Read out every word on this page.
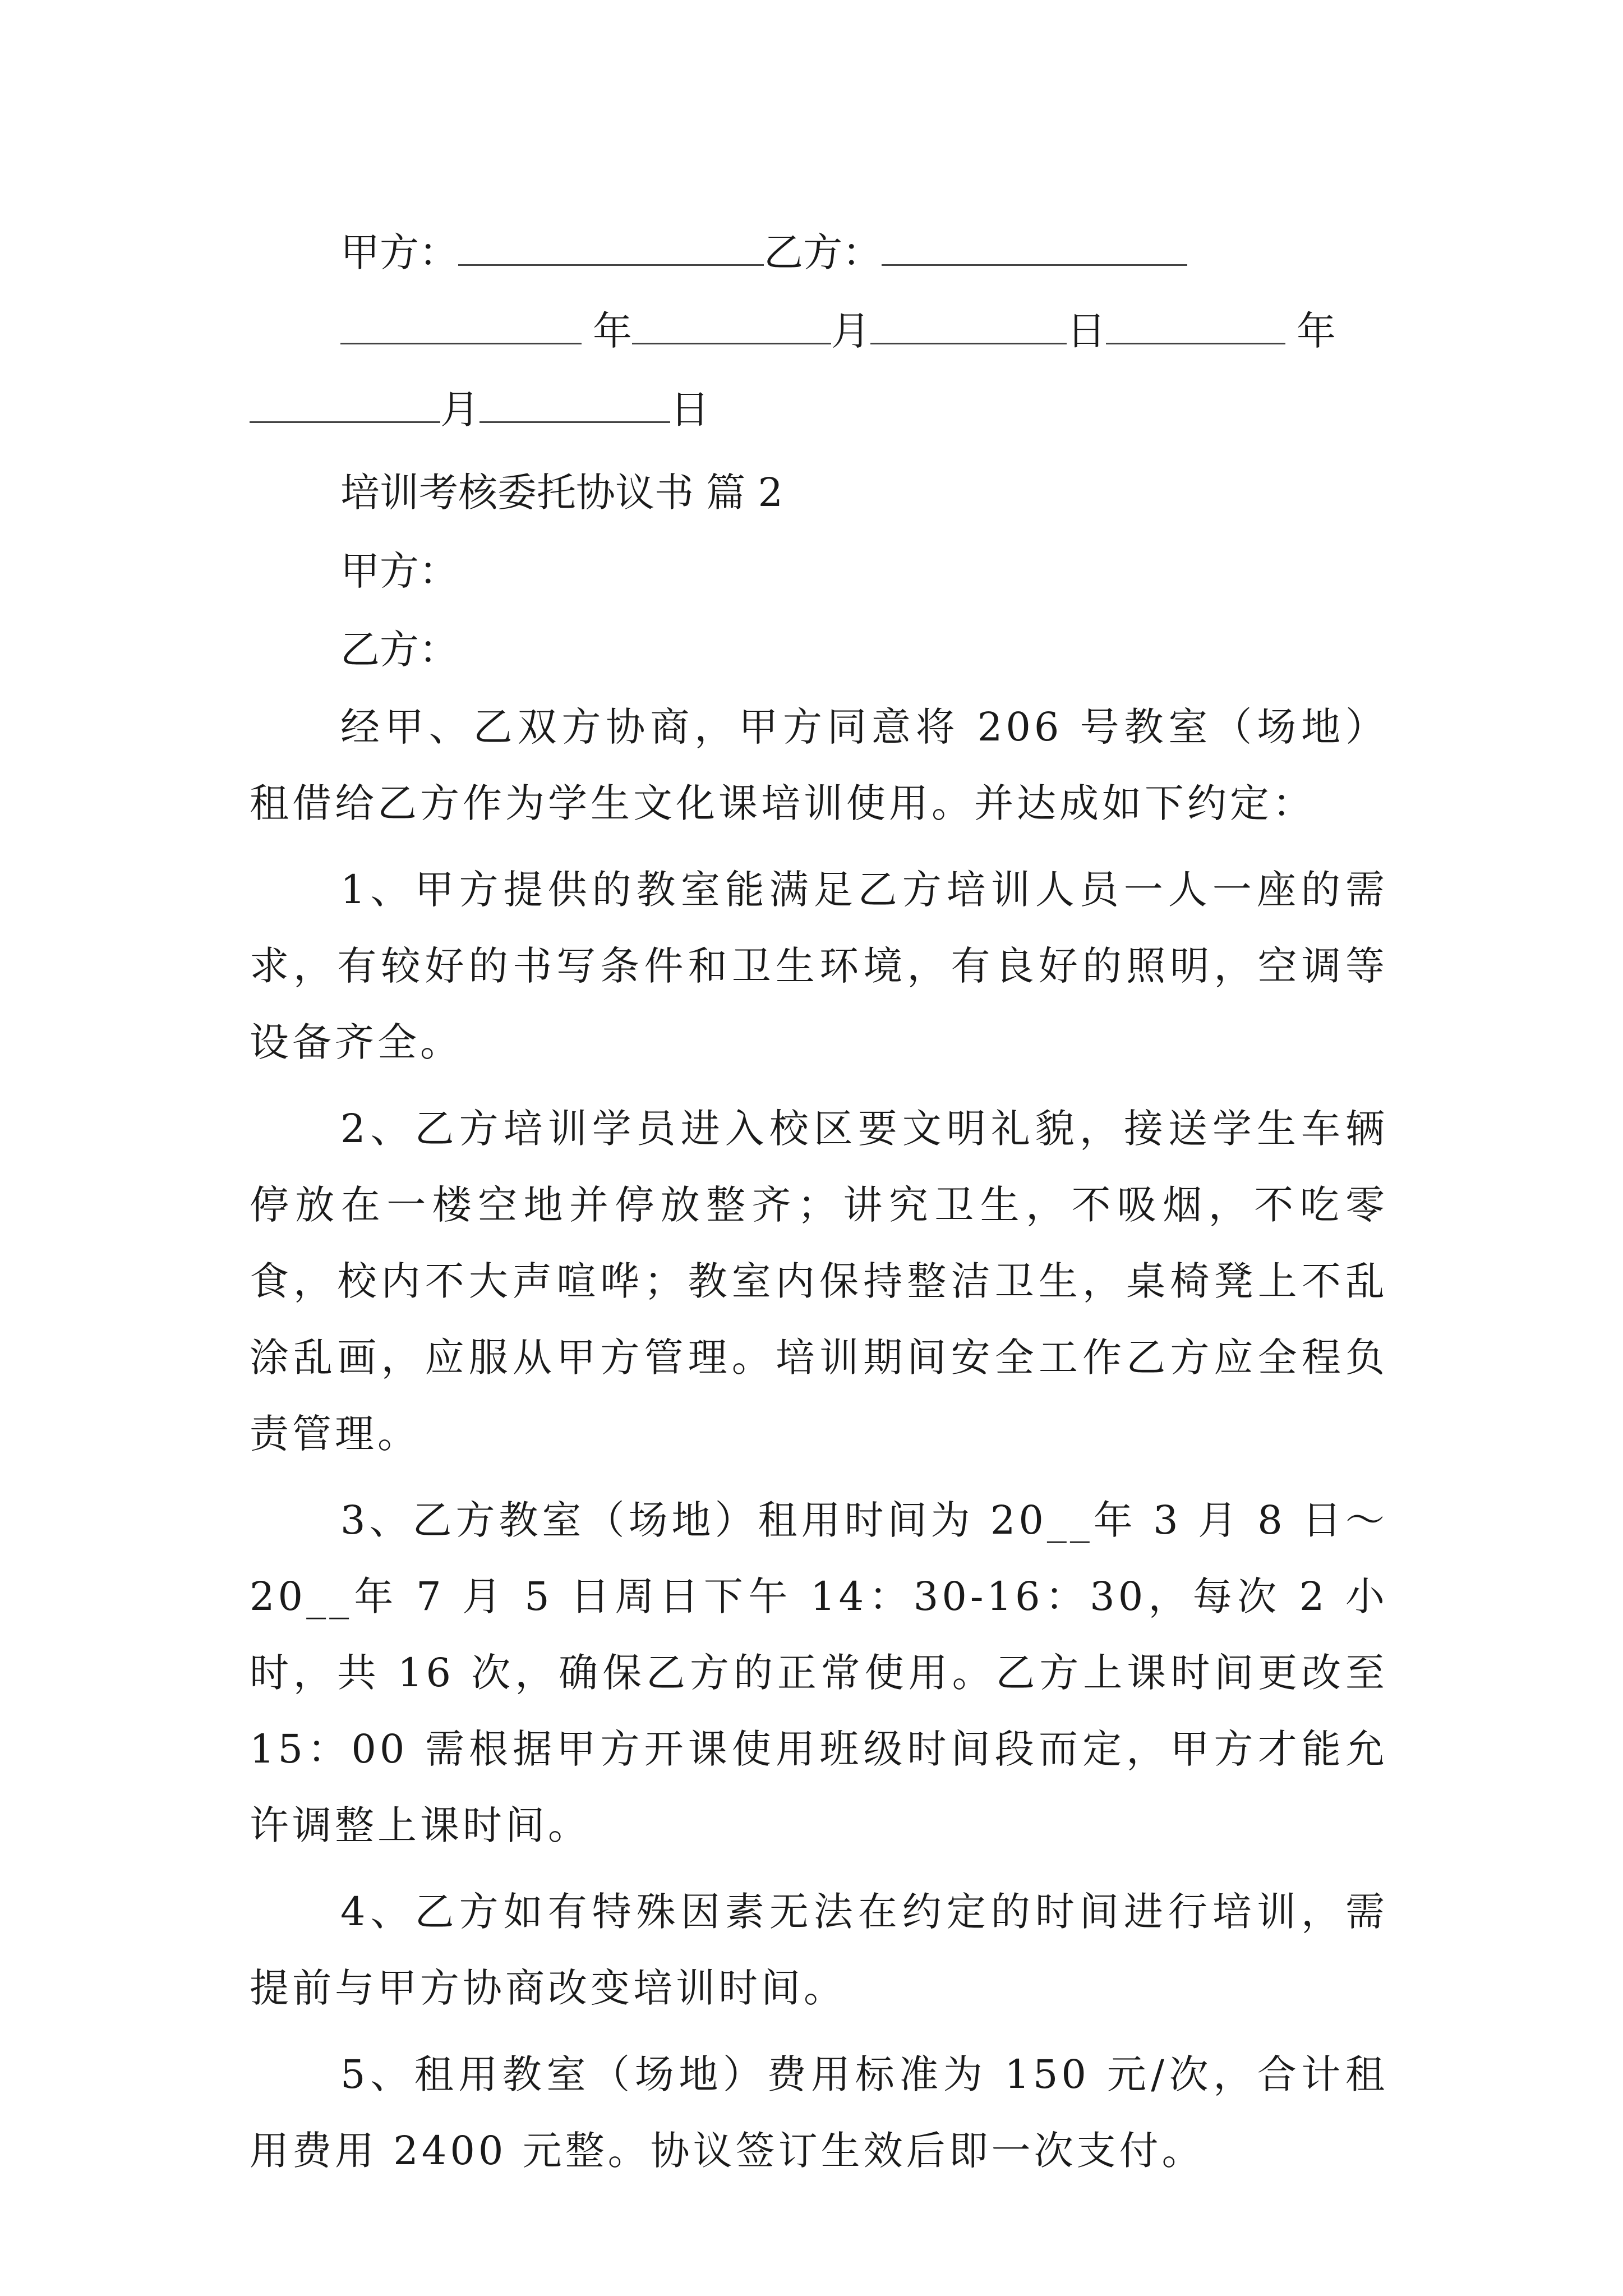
甲方：	乙方：

年	月	日	年

月	日

培训考核委托协议书 篇 2

甲方：

乙方：

经甲、乙双方协商，甲方同意将 206 号教室（场地）租借给乙方作为学生文化课培训使用。并达成如下约定：

1、甲方提供的教室能满足乙方培训人员一人一座的需求，有较好的书写条件和卫生环境，有良好的照明，空调等设备齐全。

2、乙方培训学员进入校区要文明礼貌，接送学生车辆停放在一楼空地并停放整齐；讲究卫生，不吸烟，不吃零食，校内不大声喧哗；教室内保持整洁卫生，桌椅凳上不乱涂乱画，应服从甲方管理。培训期间安全工作乙方应全程负责管理。

3、乙方教室（场地）租用时间为 20__年 3 月 8 日～20__年 7 月 5 日周日下午 14：30-16：30，每次 2 小时，共 16 次，确保乙方的正常使用。乙方上课时间更改至 15：00 需根据甲方开课使用班级时间段而定，甲方才能允许调整上课时间。

4、乙方如有特殊因素无法在约定的时间进行培训，需提前与甲方协商改变培训时间。

5、租用教室（场地）费用标准为 150 元/次，合计租用费用 2400 元整。协议签订生效后即一次支付。
